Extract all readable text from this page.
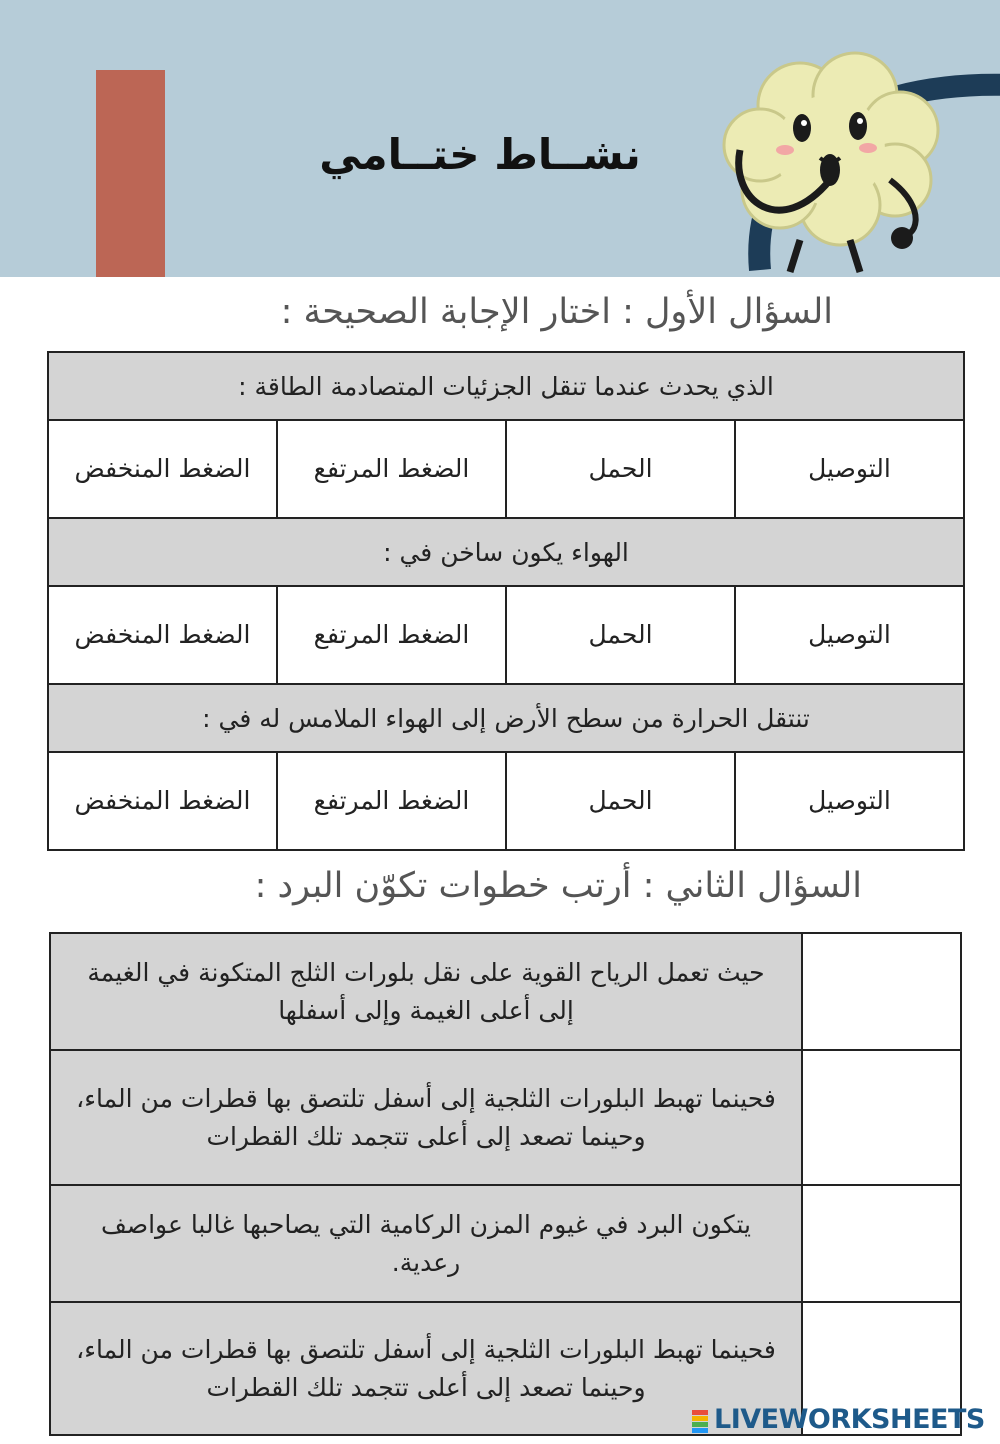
نشــاط ختــامي
السؤال الأول : اختار الإجابة الصحيحة :
الذي يحدث عندما تنقل الجزئيات المتصادمة الطاقة :			
التوصيل	الحمل	الضغط المرتفع	الضغط المنخفض
الهواء يكون ساخن في :			
التوصيل	الحمل	الضغط المرتفع	الضغط المنخفض
تنتقل الحرارة من سطح الأرض إلى الهواء الملامس له في :			
التوصيل	الحمل	الضغط المرتفع	الضغط المنخفض
السؤال الثاني : أرتب خطوات تكوّن البرد :
	حيث تعمل الرياح القوية على نقل بلورات الثلج المتكونة في الغيمة إلى أعلى الغيمة وإلى أسفلها
	فحينما تهبط البلورات الثلجية إلى أسفل تلتصق بها قطرات من الماء، وحينما تصعد إلى أعلى تتجمد تلك القطرات
	يتكون البرد في غيوم المزن الركامية التي يصاحبها غالبا عواصف رعدية.
	فحينما تهبط البلورات الثلجية إلى أسفل تلتصق بها قطرات من الماء، وحينما تصعد إلى أعلى تتجمد تلك القطرات
LIVEWORKSHEETS
